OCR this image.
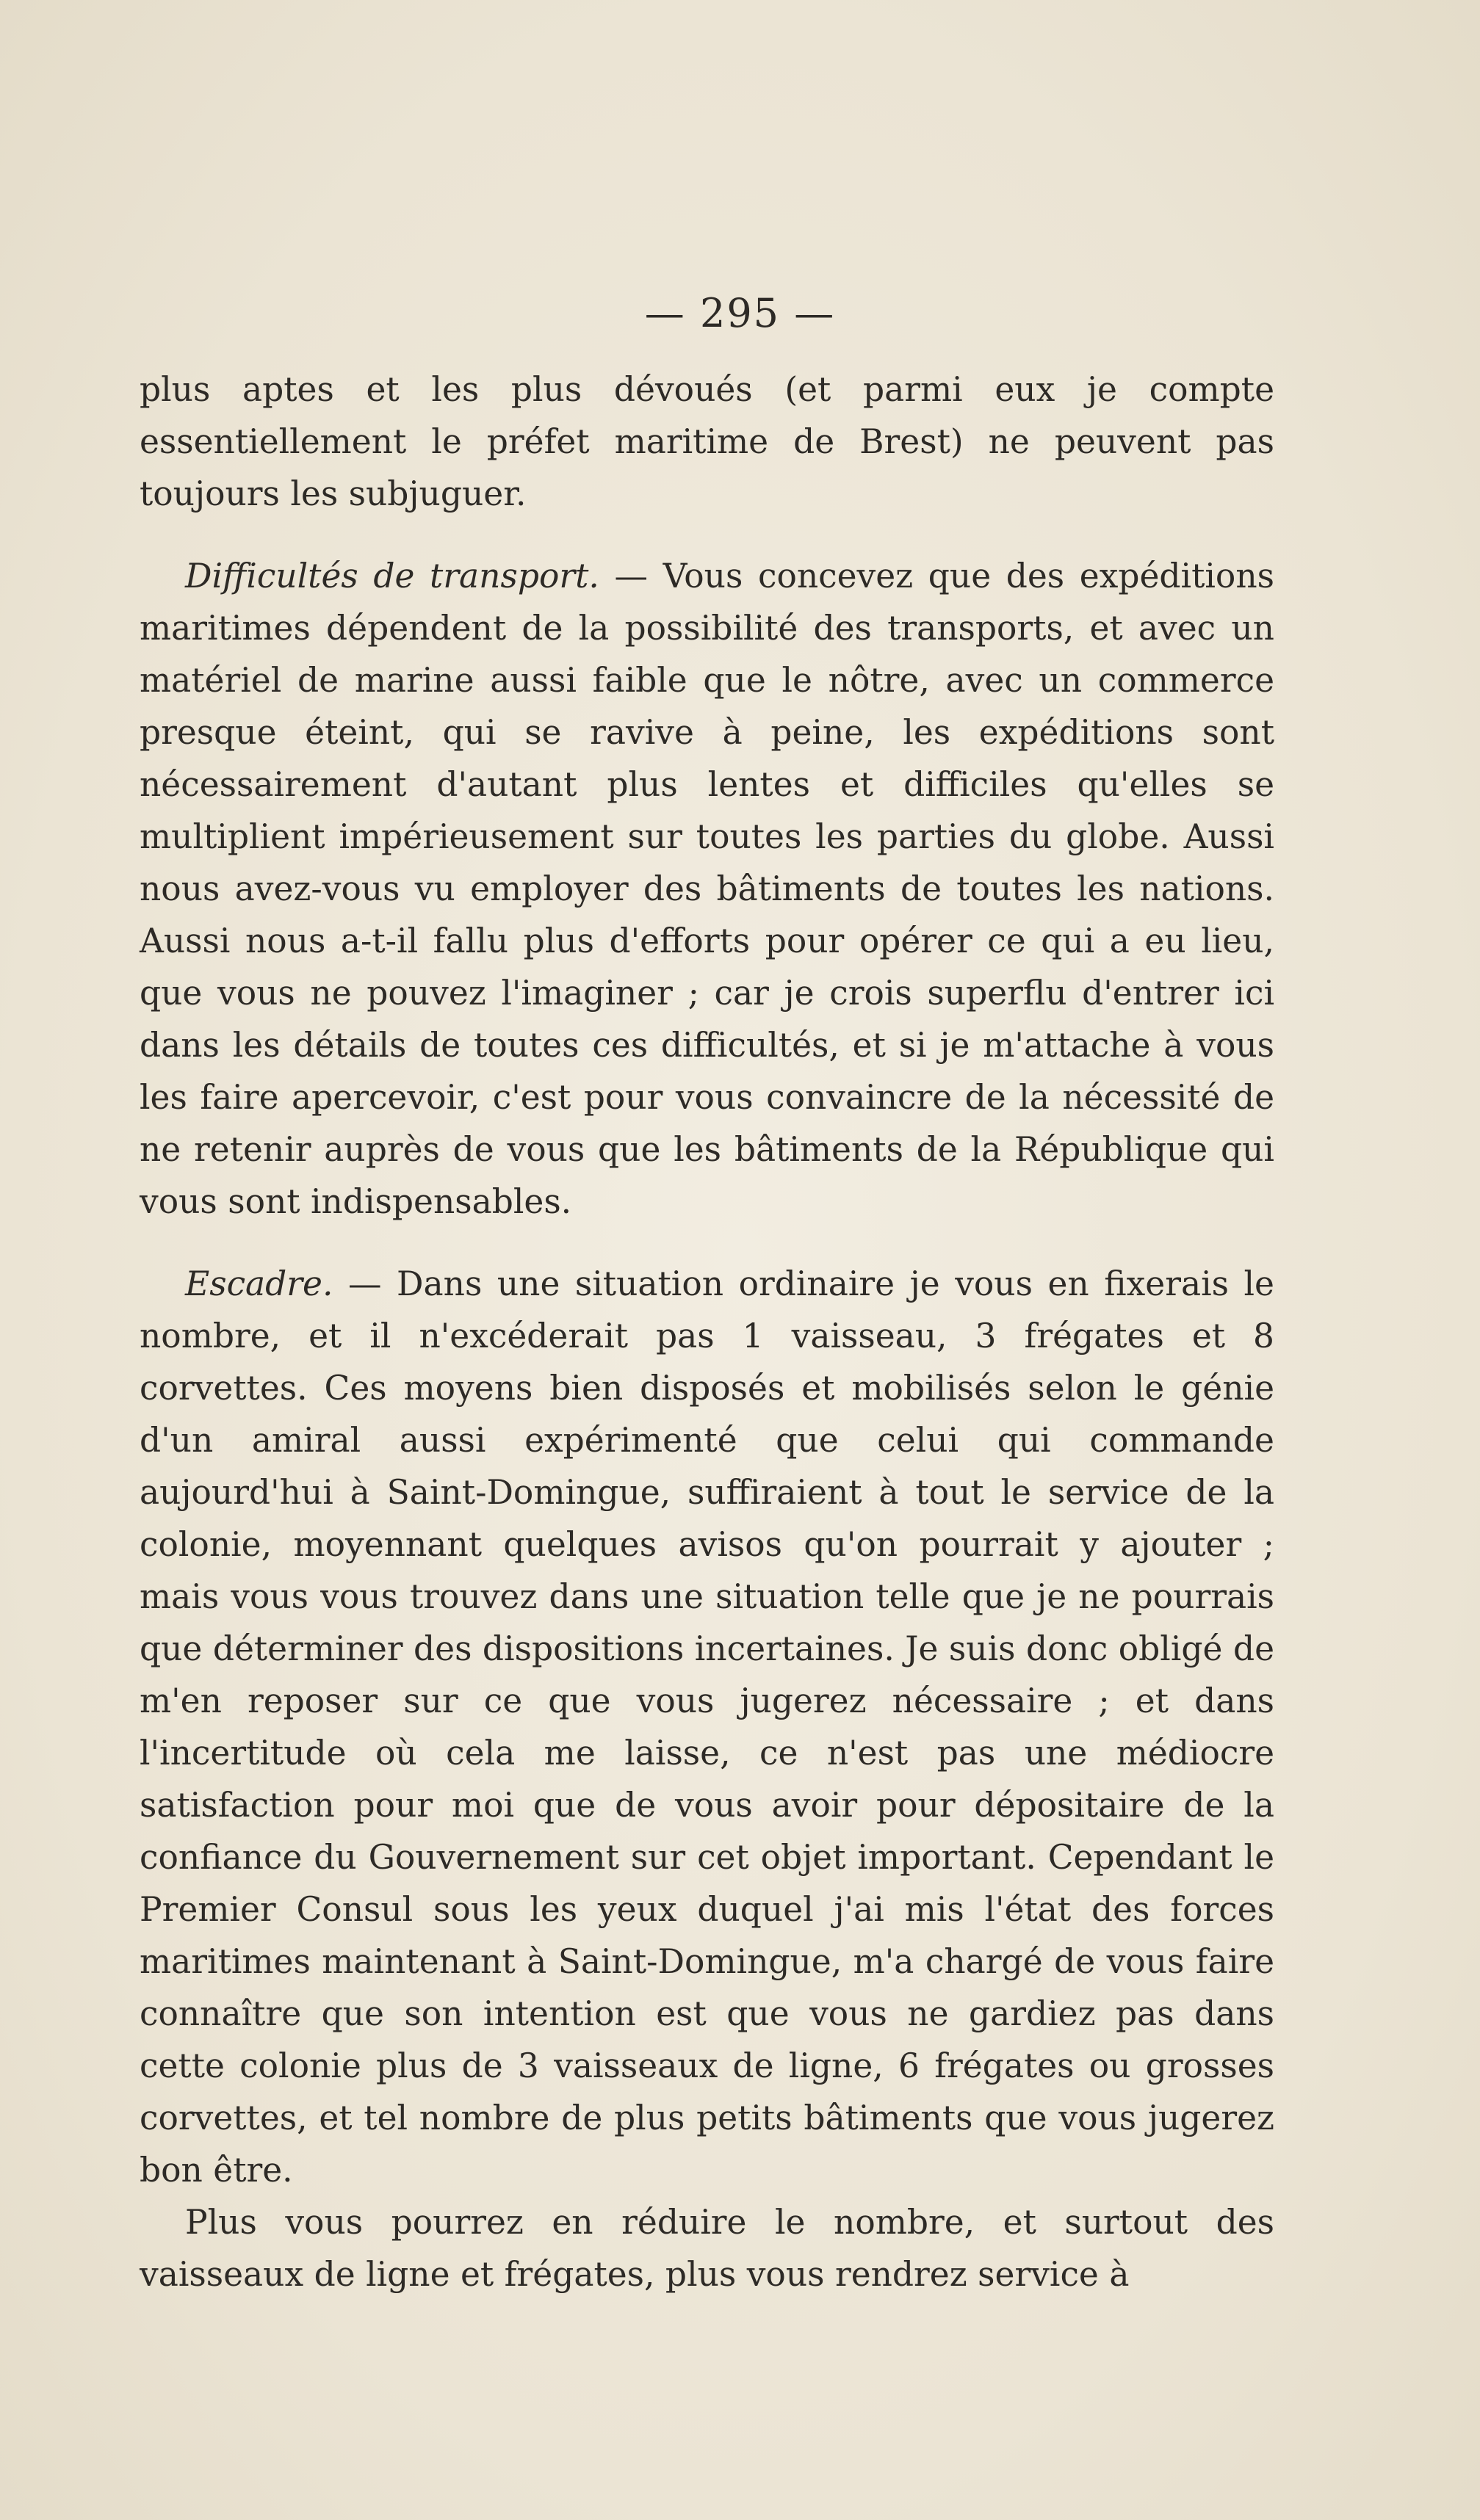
— 295 —

plus aptes et les plus dévoués (et parmi eux je compte essentiellement le préfet maritime de Brest) ne peuvent pas toujours les subjuguer.

Difficultés de transport. — Vous concevez que des expéditions maritimes dépendent de la possibilité des transports, et avec un matériel de marine aussi faible que le nôtre, avec un commerce presque éteint, qui se ravive à peine, les expéditions sont nécessairement d'autant plus lentes et difficiles qu'elles se multiplient impérieusement sur toutes les parties du globe. Aussi nous avez-vous vu employer des bâtiments de toutes les nations. Aussi nous a-t-il fallu plus d'efforts pour opérer ce qui a eu lieu, que vous ne pouvez l'imaginer ; car je crois superflu d'entrer ici dans les détails de toutes ces difficultés, et si je m'attache à vous les faire apercevoir, c'est pour vous convaincre de la nécessité de ne retenir auprès de vous que les bâtiments de la République qui vous sont indispensables.

Escadre. — Dans une situation ordinaire je vous en fixerais le nombre, et il n'excéderait pas 1 vaisseau, 3 frégates et 8 corvettes. Ces moyens bien disposés et mobilisés selon le génie d'un amiral aussi expérimenté que celui qui commande aujourd'hui à Saint-Domingue, suffiraient à tout le service de la colonie, moyennant quelques avisos qu'on pourrait y ajouter ; mais vous vous trouvez dans une situation telle que je ne pourrais que déterminer des dispositions incertaines. Je suis donc obligé de m'en reposer sur ce que vous jugerez nécessaire ; et dans l'incertitude où cela me laisse, ce n'est pas une médiocre satisfaction pour moi que de vous avoir pour dépositaire de la confiance du Gouvernement sur cet objet important. Cependant le Premier Consul sous les yeux duquel j'ai mis l'état des forces maritimes maintenant à Saint-Domingue, m'a chargé de vous faire connaître que son intention est que vous ne gardiez pas dans cette colonie plus de 3 vaisseaux de ligne, 6 frégates ou grosses corvettes, et tel nombre de plus petits bâtiments que vous jugerez bon être.

Plus vous pourrez en réduire le nombre, et surtout des vaisseaux de ligne et frégates, plus vous rendrez service à
